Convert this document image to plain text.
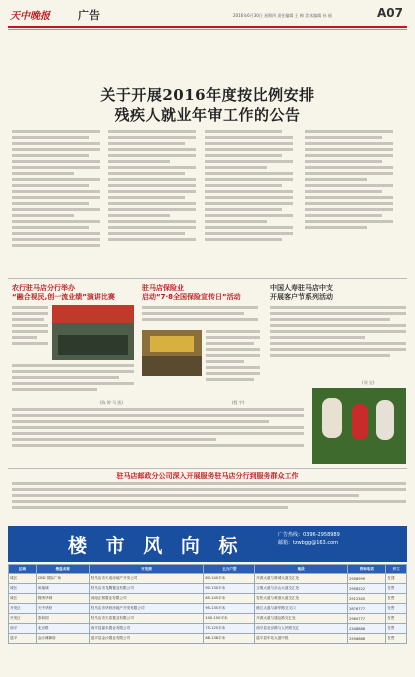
天中晚报	广告	2016年6月30日 星期四 责任编辑 王 梅 美术编辑 孙 丽	A07
关于开展2016年度按比例安排
残疾人就业年审工作的公告
农行驻马店分行举办
“融合视民,创一流业绩”演讲比赛
(陈 婷 马 凯)
驻马店保险业
启动“7·8全国保险宣传日”活动
(程 宇)
中国人寿驻马店中支
开展客户节系列活动
(刘 宝)
驻马店邮政分公司深入开展服务驻马店分行到服务群众工作
楼 市 风 向 标	广告热线：0396-2958989
邮箱：tzwbgg@163.com
区域	楼盘名称	开发商	主力户型	地段	咨询电话	开工
城区	CBD 国际广场	驻马店市天成房地产开发公司	80-140平米	开源大道与驿城大道交汇处	2958999	在建
城区	凤凰城	驻马店市龙腾置业有限公司	90-130平米	文明大道与乐山大道交汇处	2958222	在售
城区	锦绣华城	河南正林置业有限公司	85-145平米	雪松大道与黄淮大道交汇处	2912345	在售
开发区	天中华府	驻马店市华府房地产开发有限公司	95-135平米	练江大道与新华路交叉口	2876777	在售
开发区	泰和园	驻马店市天泰置业有限公司	100-150平米	开源大道与通达路交汇处	2960777	在售
西平	北京路	西平县嘉禾置业有限公司	75-125平米	西平县北京路与人民路交汇	2348888	在售
遂平	金沙滩御府	遂平县金沙置业有限公司	88-138平米	遂平县车站大道中段	2556688	在售
